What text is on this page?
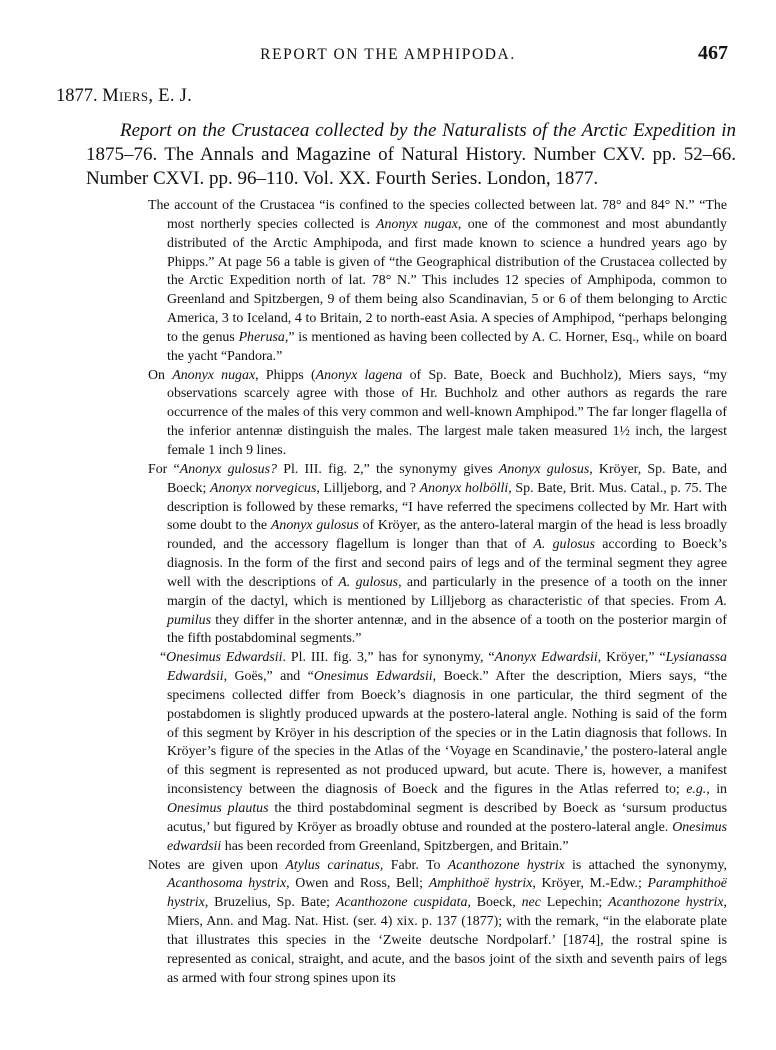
REPORT ON THE AMPHIPODA.	467
1877. Miers, E. J.
Report on the Crustacea collected by the Naturalists of the Arctic Expedition in 1875–76. The Annals and Magazine of Natural History. Number CXV. pp. 52–66. Number CXVI. pp. 96–110. Vol. XX. Fourth Series. London, 1877.

The account of the Crustacea “is confined to the species collected between lat. 78° and 84° N.” “The most northerly species collected is Anonyx nugax, one of the commonest and most abundantly distributed of the Arctic Amphipoda, and first made known to science a hundred years ago by Phipps.” At page 56 a table is given of “the Geographical distribution of the Crustacea collected by the Arctic Expedition north of lat. 78° N.” This includes 12 species of Amphipoda, common to Greenland and Spitzbergen, 9 of them being also Scandinavian, 5 or 6 of them belonging to Arctic America, 3 to Iceland, 4 to Britain, 2 to north-east Asia. A species of Amphipod, “perhaps belonging to the genus Pherusa,” is mentioned as having been collected by A. C. Horner, Esq., while on board the yacht “Pandora.”

On Anonyx nugax, Phipps (Anonyx lagena of Sp. Bate, Boeck and Buchholz), Miers says, “my observations scarcely agree with those of Hr. Buchholz and other authors as regards the rare occurrence of the males of this very common and well-known Amphipod.” The far longer flagella of the inferior antennæ distinguish the males. The largest male taken measured 1½ inch, the largest female 1 inch 9 lines.

For “Anonyx gulosus? Pl. III. fig. 2,” the synonymy gives Anonyx gulosus, Kröyer, Sp. Bate, and Boeck; Anonyx norvegicus, Lilljeborg, and ? Anonyx holbölli, Sp. Bate, Brit. Mus. Catal., p. 75. The description is followed by these remarks, “I have referred the specimens collected by Mr. Hart with some doubt to the Anonyx gulosus of Kröyer, as the antero-lateral margin of the head is less broadly rounded, and the accessory flagellum is longer than that of A. gulosus according to Boeck’s diagnosis. In the form of the first and second pairs of legs and of the terminal segment they agree well with the descriptions of A. gulosus, and particularly in the presence of a tooth on the inner margin of the dactyl, which is mentioned by Lilljeborg as characteristic of that species. From A. pumilus they differ in the shorter antennæ, and in the absence of a tooth on the posterior margin of the fifth postabdominal segments.”

“Onesimus Edwardsii. Pl. III. fig. 3,” has for synonymy, “Anonyx Edwardsii, Kröyer,” “Lysianassa Edwardsii, Goës,” and “Onesimus Edwardsii, Boeck.” After the description, Miers says, “the specimens collected differ from Boeck’s diagnosis in one particular, the third segment of the postabdomen is slightly produced upwards at the postero-lateral angle. Nothing is said of the form of this segment by Kröyer in his description of the species or in the Latin diagnosis that follows. In Kröyer’s figure of the species in the Atlas of the ‘Voyage en Scandinavie,’ the postero-lateral angle of this segment is represented as not produced upward, but acute. There is, however, a manifest inconsistency between the diagnosis of Boeck and the figures in the Atlas referred to; e.g., in Onesimus plautus the third postabdominal segment is described by Boeck as ‘sursum productus acutus,’ but figured by Kröyer as broadly obtuse and rounded at the postero-lateral angle. Onesimus edwardsii has been recorded from Greenland, Spitzbergen, and Britain.”

Notes are given upon Atylus carinatus, Fabr. To Acanthozone hystrix is attached the synonymy, Acanthosoma hystrix, Owen and Ross, Bell; Amphithoë hystrix, Kröyer, M.-Edw.; Paramphithoë hystrix, Bruzelius, Sp. Bate; Acanthozone cuspidata, Boeck, nec Lepechin; Acanthozone hystrix, Miers, Ann. and Mag. Nat. Hist. (ser. 4) xix. p. 137 (1877); with the remark, “in the elaborate plate that illustrates this species in the ‘Zweite deutsche Nordpolarf.’ [1874], the rostral spine is represented as conical, straight, and acute, and the basos joint of the sixth and seventh pairs of legs as armed with four strong spines upon its
